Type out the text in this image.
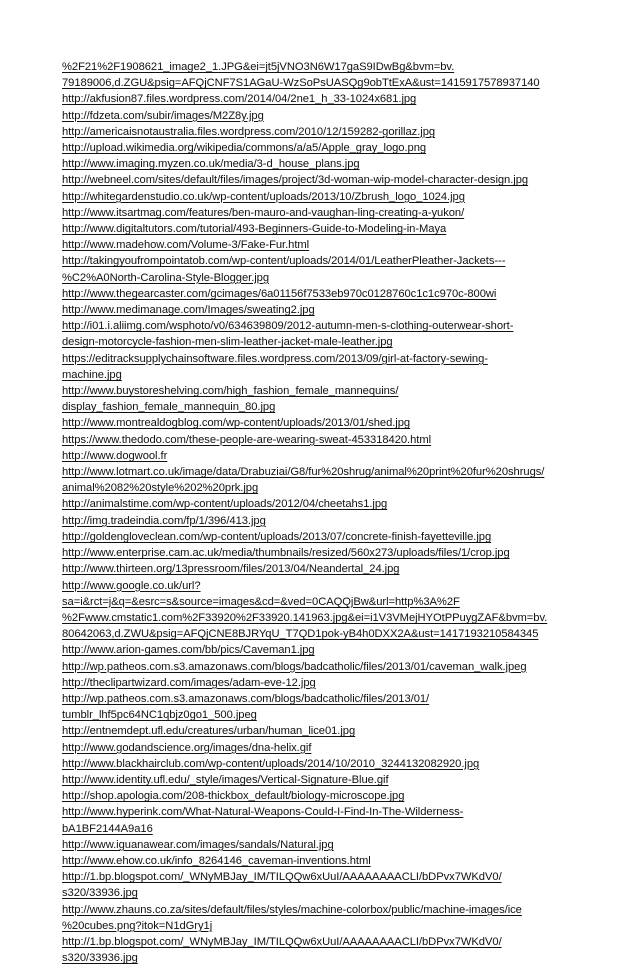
%2F21%2F1908621_image2_1.JPG&ei=jt5jVNO3N6W17gaS9IDwBg&bvm=bv.
79189006,d.ZGU&psig=AFQjCNF7S1AGaU-WzSoPsUASQg9obTtExA&ust=1415917578937140
http://akfusion87.files.wordpress.com/2014/04/2ne1_h_33-1024x681.jpg
http://fdzeta.com/subir/images/M2Z8y.jpg
http://americaisnotaustralia.files.wordpress.com/2010/12/159282-gorillaz.jpg
http://upload.wikimedia.org/wikipedia/commons/a/a5/Apple_gray_logo.png
http://www.imaging.myzen.co.uk/media/3-d_house_plans.jpg
http://webneel.com/sites/default/files/images/project/3d-woman-wip-model-character-design.jpg
http://whitegardenstudio.co.uk/wp-content/uploads/2013/10/Zbrush_logo_1024.jpg
http://www.itsartmag.com/features/ben-mauro-and-vaughan-ling-creating-a-yukon/
http://www.digitaltutors.com/tutorial/493-Beginners-Guide-to-Modeling-in-Maya
http://www.madehow.com/Volume-3/Fake-Fur.html
http://takingyoufrompointatob.com/wp-content/uploads/2014/01/LeatherPleather-Jackets---
%C2%A0North-Carolina-Style-Blogger.jpg
http://www.thegearcaster.com/gcimages/6a01156f7533eb970c0128760c1c1c970c-800wi
http://www.medimanage.com/Images/sweating2.jpg
http://i01.i.aliimg.com/wsphoto/v0/634639809/2012-autumn-men-s-clothing-outerwear-short-
design-motorcycle-fashion-men-slim-leather-jacket-male-leather.jpg
https://editracksupplychainsoftware.files.wordpress.com/2013/09/girl-at-factory-sewing-
machine.jpg
http://www.buystoreshelving.com/high_fashion_female_mannequins/
display_fashion_female_mannequin_80.jpg
http://www.montrealdogblog.com/wp-content/uploads/2013/01/shed.jpg
https://www.thedodo.com/these-people-are-wearing-sweat-453318420.html
http://www.dogwool.fr
http://www.lotmart.co.uk/image/data/Drabuziai/G8/fur%20shrug/animal%20print%20fur%20shrugs/
animal%2082%20style%202%20prk.jpg
http://animalstime.com/wp-content/uploads/2012/04/cheetahs1.jpg
http://img.tradeindia.com/fp/1/396/413.jpg
http://goldengloveclean.com/wp-content/uploads/2013/07/concrete-finish-fayetteville.jpg
http://www.enterprise.cam.ac.uk/media/thumbnails/resized/560x273/uploads/files/1/crop.jpg
http://www.thirteen.org/13pressroom/files/2013/04/Neandertal_24.jpg
http://www.google.co.uk/url?
sa=i&rct=j&q=&esrc=s&source=images&cd=&ved=0CAQQjBw&url=http%3A%2F
%2Fwww.cmstatic1.com%2F33920%2F33920.141963.jpg&ei=i1V3VMejHYOtPPuygZAF&bvm=bv.
80642063,d.ZWU&psig=AFQjCNE8BJRYqU_T7QD1pok-yB4h0DXX2A&ust=1417193210584345
http://www.arion-games.com/bb/pics/Caveman1.jpg
http://wp.patheos.com.s3.amazonaws.com/blogs/badcatholic/files/2013/01/caveman_walk.jpeg
http://theclipartwizard.com/images/adam-eve-12.jpg
http://wp.patheos.com.s3.amazonaws.com/blogs/badcatholic/files/2013/01/
tumblr_lhf5pc64NC1qbjz0go1_500.jpeg
http://entnemdept.ufl.edu/creatures/urban/human_lice01.jpg
http://www.godandscience.org/images/dna-helix.gif
http://www.blackhairclub.com/wp-content/uploads/2014/10/2010_3244132082920.jpg
http://www.identity.ufl.edu/_style/images/Vertical-Signature-Blue.gif
http://shop.apologia.com/208-thickbox_default/biology-microscope.jpg
http://www.hyperink.com/What-Natural-Weapons-Could-I-Find-In-The-Wilderness-
bA1BF2144A9a16
http://www.iguanawear.com/images/sandals/Natural.jpg
http://www.ehow.co.uk/info_8264146_caveman-inventions.html
http://1.bp.blogspot.com/_WNyMBJay_IM/TILQQw6xUuI/AAAAAAAACLI/bDPvx7WKdV0/
s320/33936.jpg
http://www.zhauns.co.za/sites/default/files/styles/machine-colorbox/public/machine-images/ice
%20cubes.png?itok=N1dGry1j
http://1.bp.blogspot.com/_WNyMBJay_IM/TILQQw6xUuI/AAAAAAAACLI/bDPvx7WKdV0/
s320/33936.jpg
